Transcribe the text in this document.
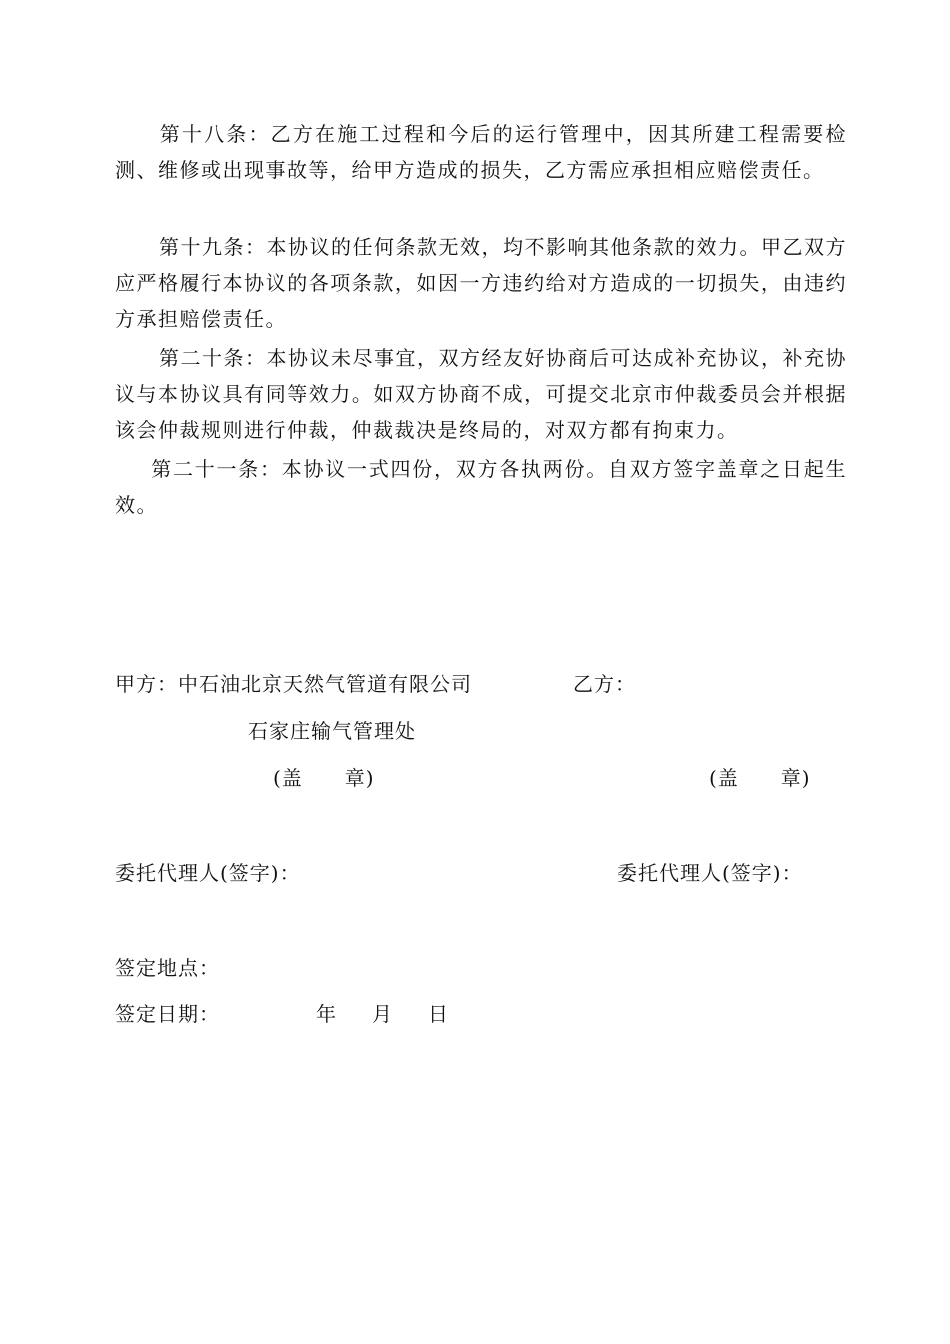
第十八条：乙方在施工过程和今后的运行管理中，因其所建工程需要检测、维修或出现事故等，给甲方造成的损失，乙方需应承担相应赔偿责任。

第十九条：本协议的任何条款无效，均不影响其他条款的效力。甲乙双方应严格履行本协议的各项条款，如因一方违约给对方造成的一切损失，由违约方承担赔偿责任。

第二十条：本协议未尽事宜，双方经友好协商后可达成补充协议，补充协议与本协议具有同等效力。如双方协商不成，可提交北京市仲裁委员会并根据该会仲裁规则进行仲裁，仲裁裁决是终局的，对双方都有拘束力。

第二十一条：本协议一式四份，双方各执两份。自双方签字盖章之日起生效。

甲方：中石油北京天然气管道有限公司	乙方：
石家庄输气管理处
(盖　　章)	(盖　　章)
委托代理人(签字)：	委托代理人(签字)：
签定地点：
签定日期：	年 月 日
